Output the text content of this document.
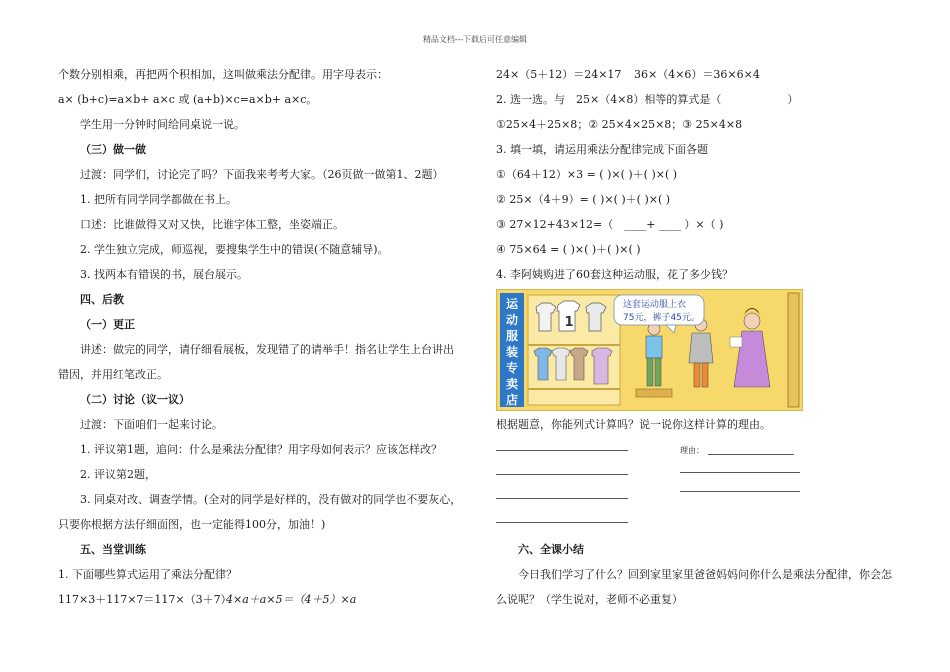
精品文档---下载后可任意编辑
个数分别相乘，再把两个积相加，这叫做乘法分配律。用字母表示：
a× (b+c)=a×b+ a×c 或 (a+b)×c=a×b+ a×c。
学生用一分钟时间给同桌说一说。
（三）做一做
过渡：同学们，讨论完了吗？下面我来考考大家。（26页做一做第1、2题）
1. 把所有同学同学都做在书上。
口述：比谁做得又对又快，比谁字体工整，坐姿端正。
2. 学生独立完成，师巡视，要搜集学生中的错误(不随意辅导)。
3. 找两本有错误的书，展台展示。
四、后教
（一）更正
讲述：做完的同学，请仔细看展板，发现错了的请举手！指名让学生上台讲出
错因，并用红笔改正。
（二）讨论（议一议）
过渡：下面咱们一起来讨论。
1. 评议第1题，追问：什么是乘法分配律？用字母如何表示？应该怎样改？
2. 评议第2题，
3. 同桌对改、调查学情。(全对的同学是好样的，没有做对的同学也不要灰心，
只要你根据方法仔细面图，也一定能得100分，加油！)
五、当堂训练
1. 下面哪些算式运用了乘法分配律？
117×3＋117×7＝117×（3＋7）
4×a＋a×5＝（4＋5）×a
24×（5＋12）＝24×17 36×（4×6）＝36×6×4
2. 选一选。与　25×（4×8）相等的算式是（　　　　　　）
①25×4＋25×8；② 25×4×25×8；③ 25×4×8
3. 填一填，请运用乘法分配律完成下面各题
①（64＋12）×3 = ( )×( )＋( )×( )
② 25×（4＋9）= ( )×( )＋( )×( )
③ 27×12+43×12=（　____+ ____ ）×（ )
④ 75×64 = ( )×( )＋( )×( )
4. 李阿姨购进了60套这种运动服，花了多少钱？
运
动
服
装
专
卖
店
1
这套运动服上衣
75元，裤子45元。
根据题意，你能列式计算吗？说一说你这样计算的理由。
理由：
六、全课小结
今日我们学习了什么？回到家里家里爸爸妈妈问你什么是乘法分配律，你会怎
么说呢？（学生说对，老师不必重复）
